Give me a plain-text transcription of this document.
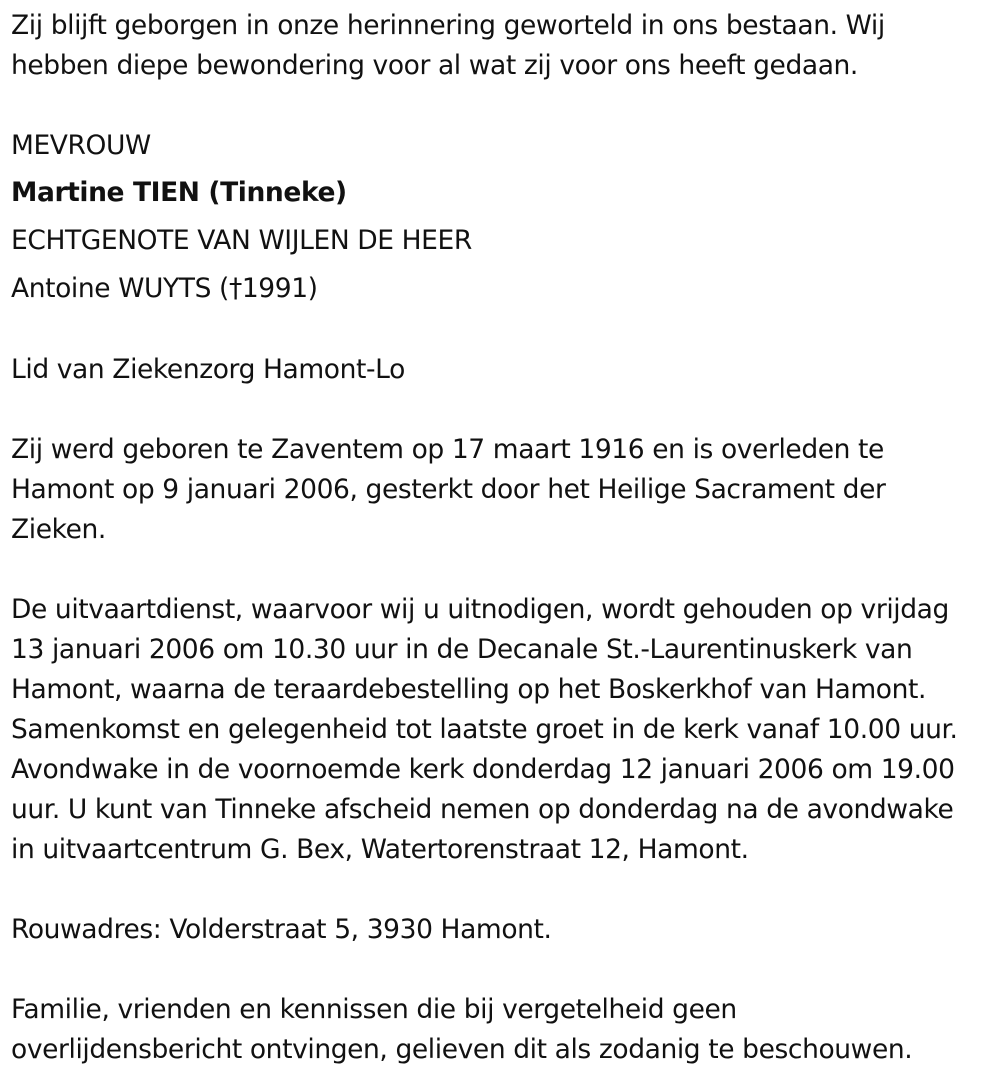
Zij blijft geborgen in onze herinnering geworteld in ons bestaan. Wij
hebben diepe bewondering voor al wat zij voor ons heeft gedaan.
MEVROUW
Martine TIEN (Tinneke)
ECHTGENOTE VAN WIJLEN DE HEER
Antoine WUYTS (†1991)
Lid van Ziekenzorg Hamont-Lo
Zij werd geboren te Zaventem op 17 maart 1916 en is overleden te
Hamont op 9 januari 2006, gesterkt door het Heilige Sacrament der
Zieken.
De uitvaartdienst, waarvoor wij u uitnodigen, wordt gehouden op vrijdag
13 januari 2006 om 10.30 uur in de Decanale St.-Laurentinuskerk van
Hamont, waarna de teraardebestelling op het Boskerkhof van Hamont.
Samenkomst en gelegenheid tot laatste groet in de kerk vanaf 10.00 uur.
Avondwake in de voornoemde kerk donderdag 12 januari 2006 om 19.00
uur. U kunt van Tinneke afscheid nemen op donderdag na de avondwake
in uitvaartcentrum G. Bex, Watertorenstraat 12, Hamont.
Rouwadres: Volderstraat 5, 3930 Hamont.
Familie, vrienden en kennissen die bij vergetelheid geen
overlijdensbericht ontvingen, gelieven dit als zodanig te beschouwen.
